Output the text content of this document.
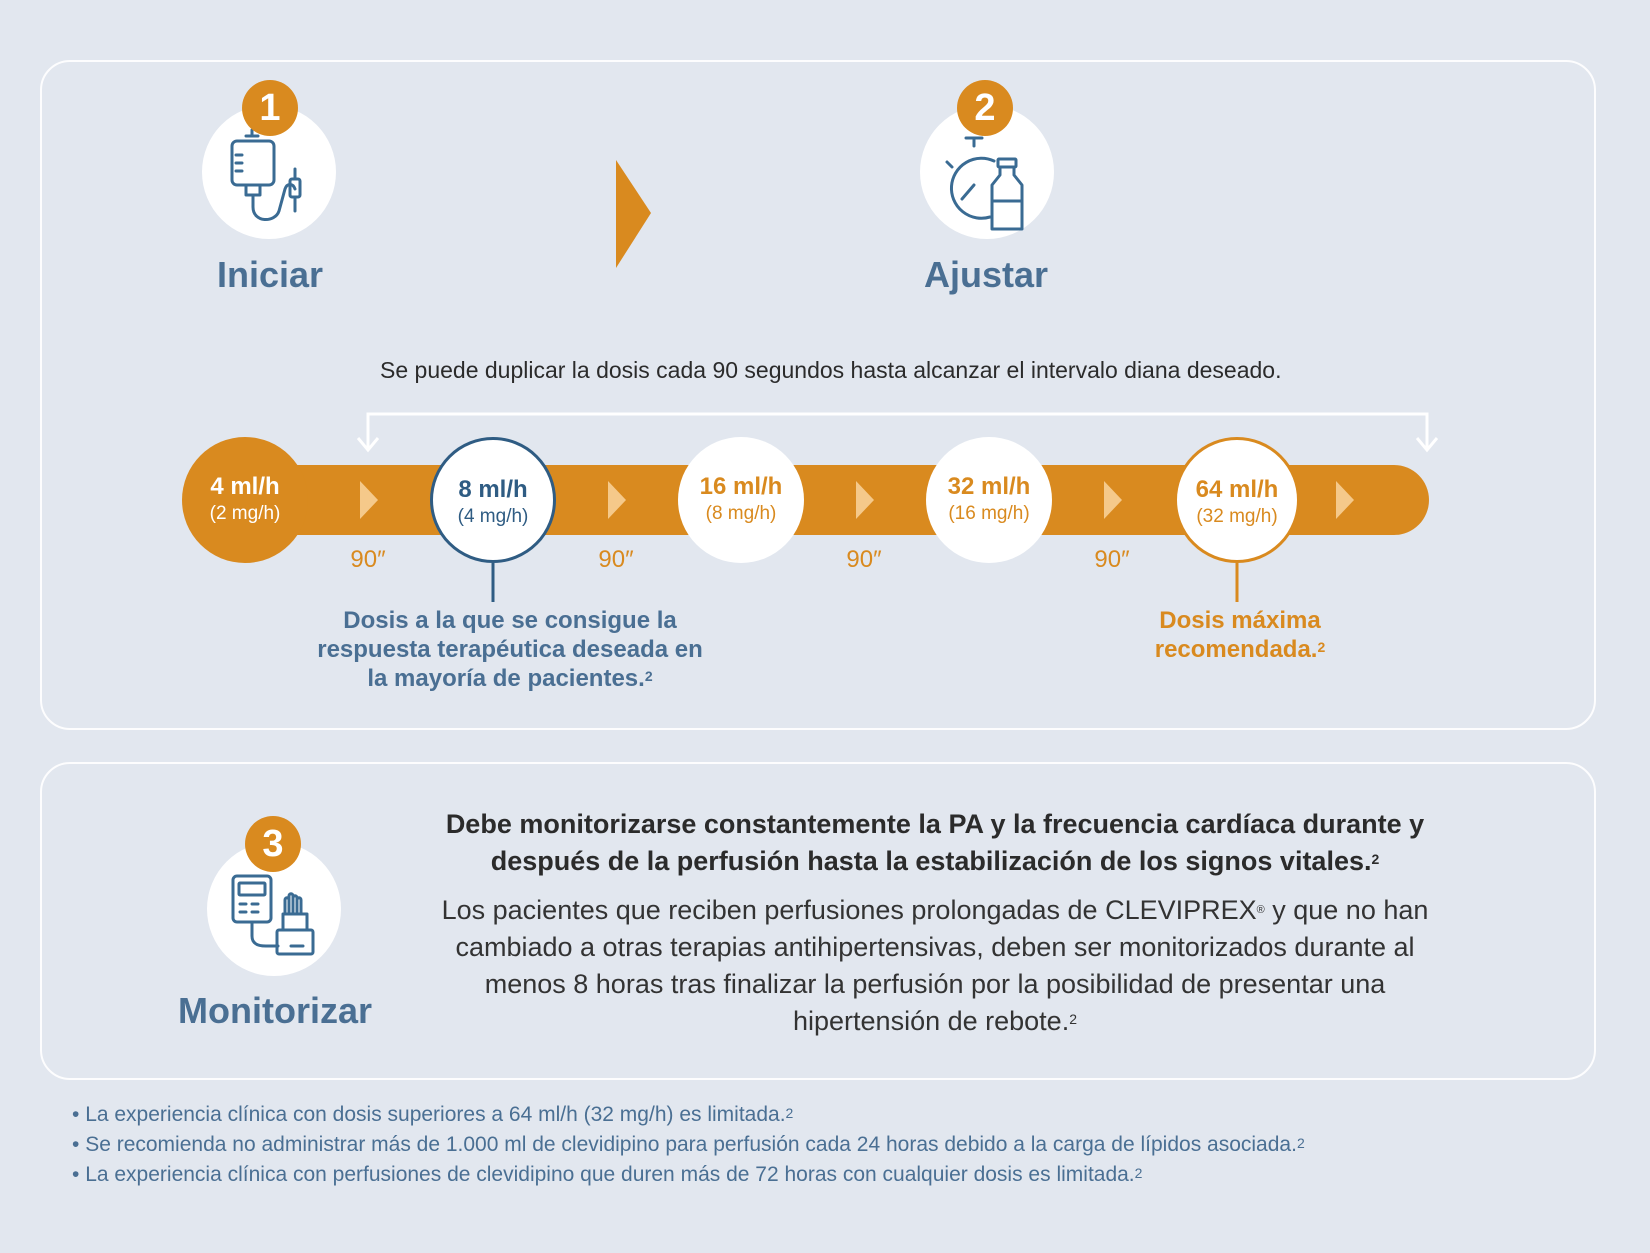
1
Iniciar
2
Ajustar
Se puede duplicar la dosis cada 90 segundos hasta alcanzar el intervalo diana deseado.
4 ml/h
(2 mg/h)
8 ml/h
(4 mg/h)
16 ml/h
(8 mg/h)
32 ml/h
(16 mg/h)
64 ml/h
(32 mg/h)
90″	90″	90″	90″
Dosis a la que se consigue la respuesta terapéutica deseada en la mayoría de pacientes.$^2$
Dosis máxima recomendada.$^2$
3
Monitorizar
Debe monitorizarse constantemente la PA y la frecuencia cardíaca durante y después de la perfusión hasta la estabilización de los signos vitales.$^2$
Los pacientes que reciben perfusiones prolongadas de CLEVIPREX® y que no han cambiado a otras terapias antihipertensivas, deben ser monitorizados durante al menos 8 horas tras finalizar la perfusión por la posibilidad de presentar una hipertensión de rebote.$^2$
• La experiencia clínica con dosis superiores a 64 ml/h (32 mg/h) es limitada.$^2$
• Se recomienda no administrar más de 1.000 ml de clevidipino para perfusión cada 24 horas debido a la carga de lípidos asociada.$^2$
• La experiencia clínica con perfusiones de clevidipino que duren más de 72 horas con cualquier dosis es limitada.$^2$
